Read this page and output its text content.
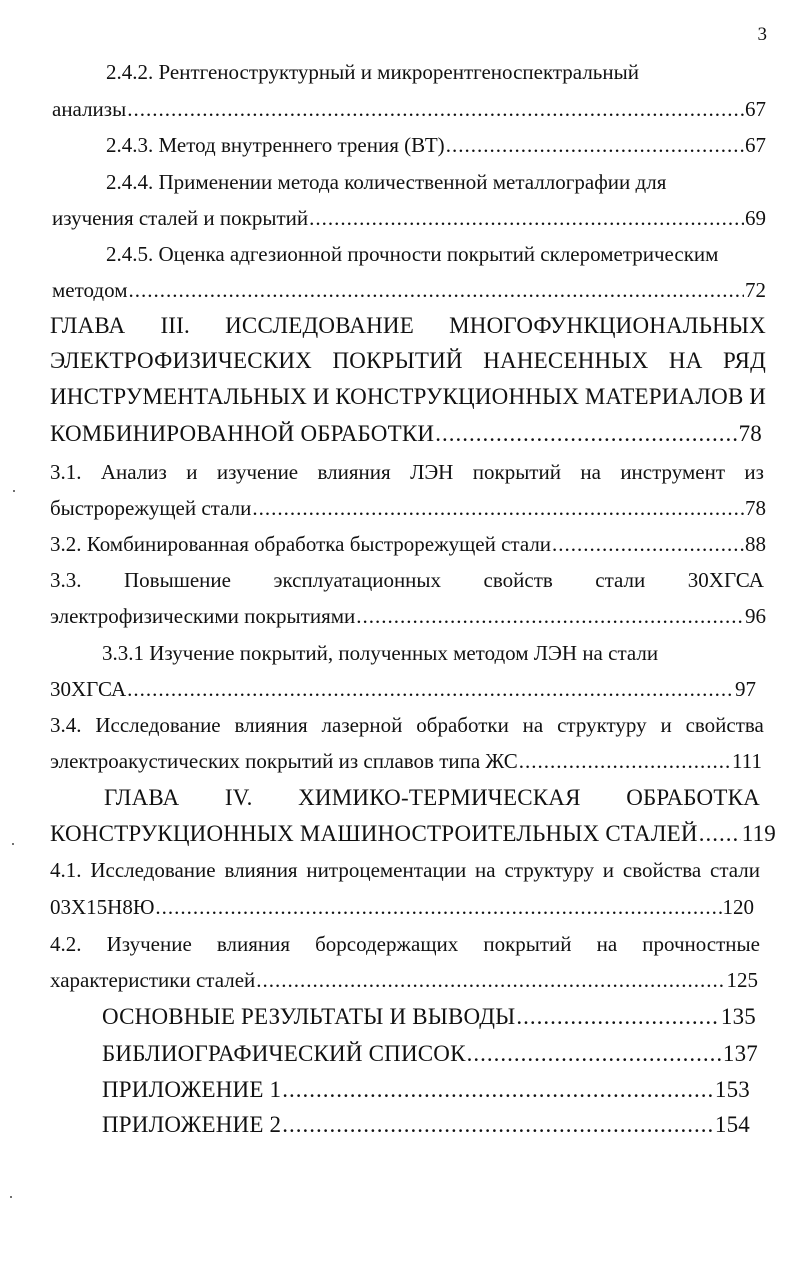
3
2.4.2. Рентгеноструктурный и микрорентгеноспектральный
анализы .....	67
2.4.3. Метод внутреннего трения (ВТ) .....	67
2.4.4. Применении метода количественной металлографии для
изучения сталей и покрытий .....	69
2.4.5. Оценка адгезионной прочности покрытий склерометрическим
методом .....	72
ГЛАВА III. ИССЛЕДОВАНИЕ МНОГОФУНКЦИОНАЛЬНЫХ
ЭЛЕКТРОФИЗИЧЕСКИХ ПОКРЫТИЙ НАНЕСЕННЫХ НА РЯД
ИНСТРУМЕНТАЛЬНЫХ И КОНСТРУКЦИОННЫХ МАТЕРИАЛОВ И
КОМБИНИРОВАННОЙ ОБРАБОТКИ .....	78
3.1. Анализ и изучение влияния ЛЭН покрытий на инструмент из
быстрорежущей стали .....	78
3.2. Комбинированная обработка быстрорежущей стали .....	88
3.3. Повышение эксплуатационных свойств стали 30ХГСА
электрофизическими покрытиями .....	96
3.3.1 Изучение покрытий, полученных методом ЛЭН на стали
30ХГСА .....	97
3.4. Исследование влияния лазерной обработки на структуру и свойства
электроакустических покрытий из сплавов типа ЖС .....	111
ГЛАВА IV. ХИМИКО-ТЕРМИЧЕСКАЯ ОБРАБОТКА
КОНСТРУКЦИОННЫХ МАШИНОСТРОИТЕЛЬНЫХ СТАЛЕЙ ..... 119
4.1. Исследование влияния нитроцементации на структуру и свойства стали
03Х15Н8Ю .....	120
4.2. Изучение влияния борсодержащих покрытий на прочностные
характеристики сталей .....	125
ОСНОВНЫЕ РЕЗУЛЬТАТЫ И ВЫВОДЫ .....	135
БИБЛИОГРАФИЧЕСКИЙ СПИСОК .....	137
ПРИЛОЖЕНИЕ 1 .....	153
ПРИЛОЖЕНИЕ 2 .....	154
